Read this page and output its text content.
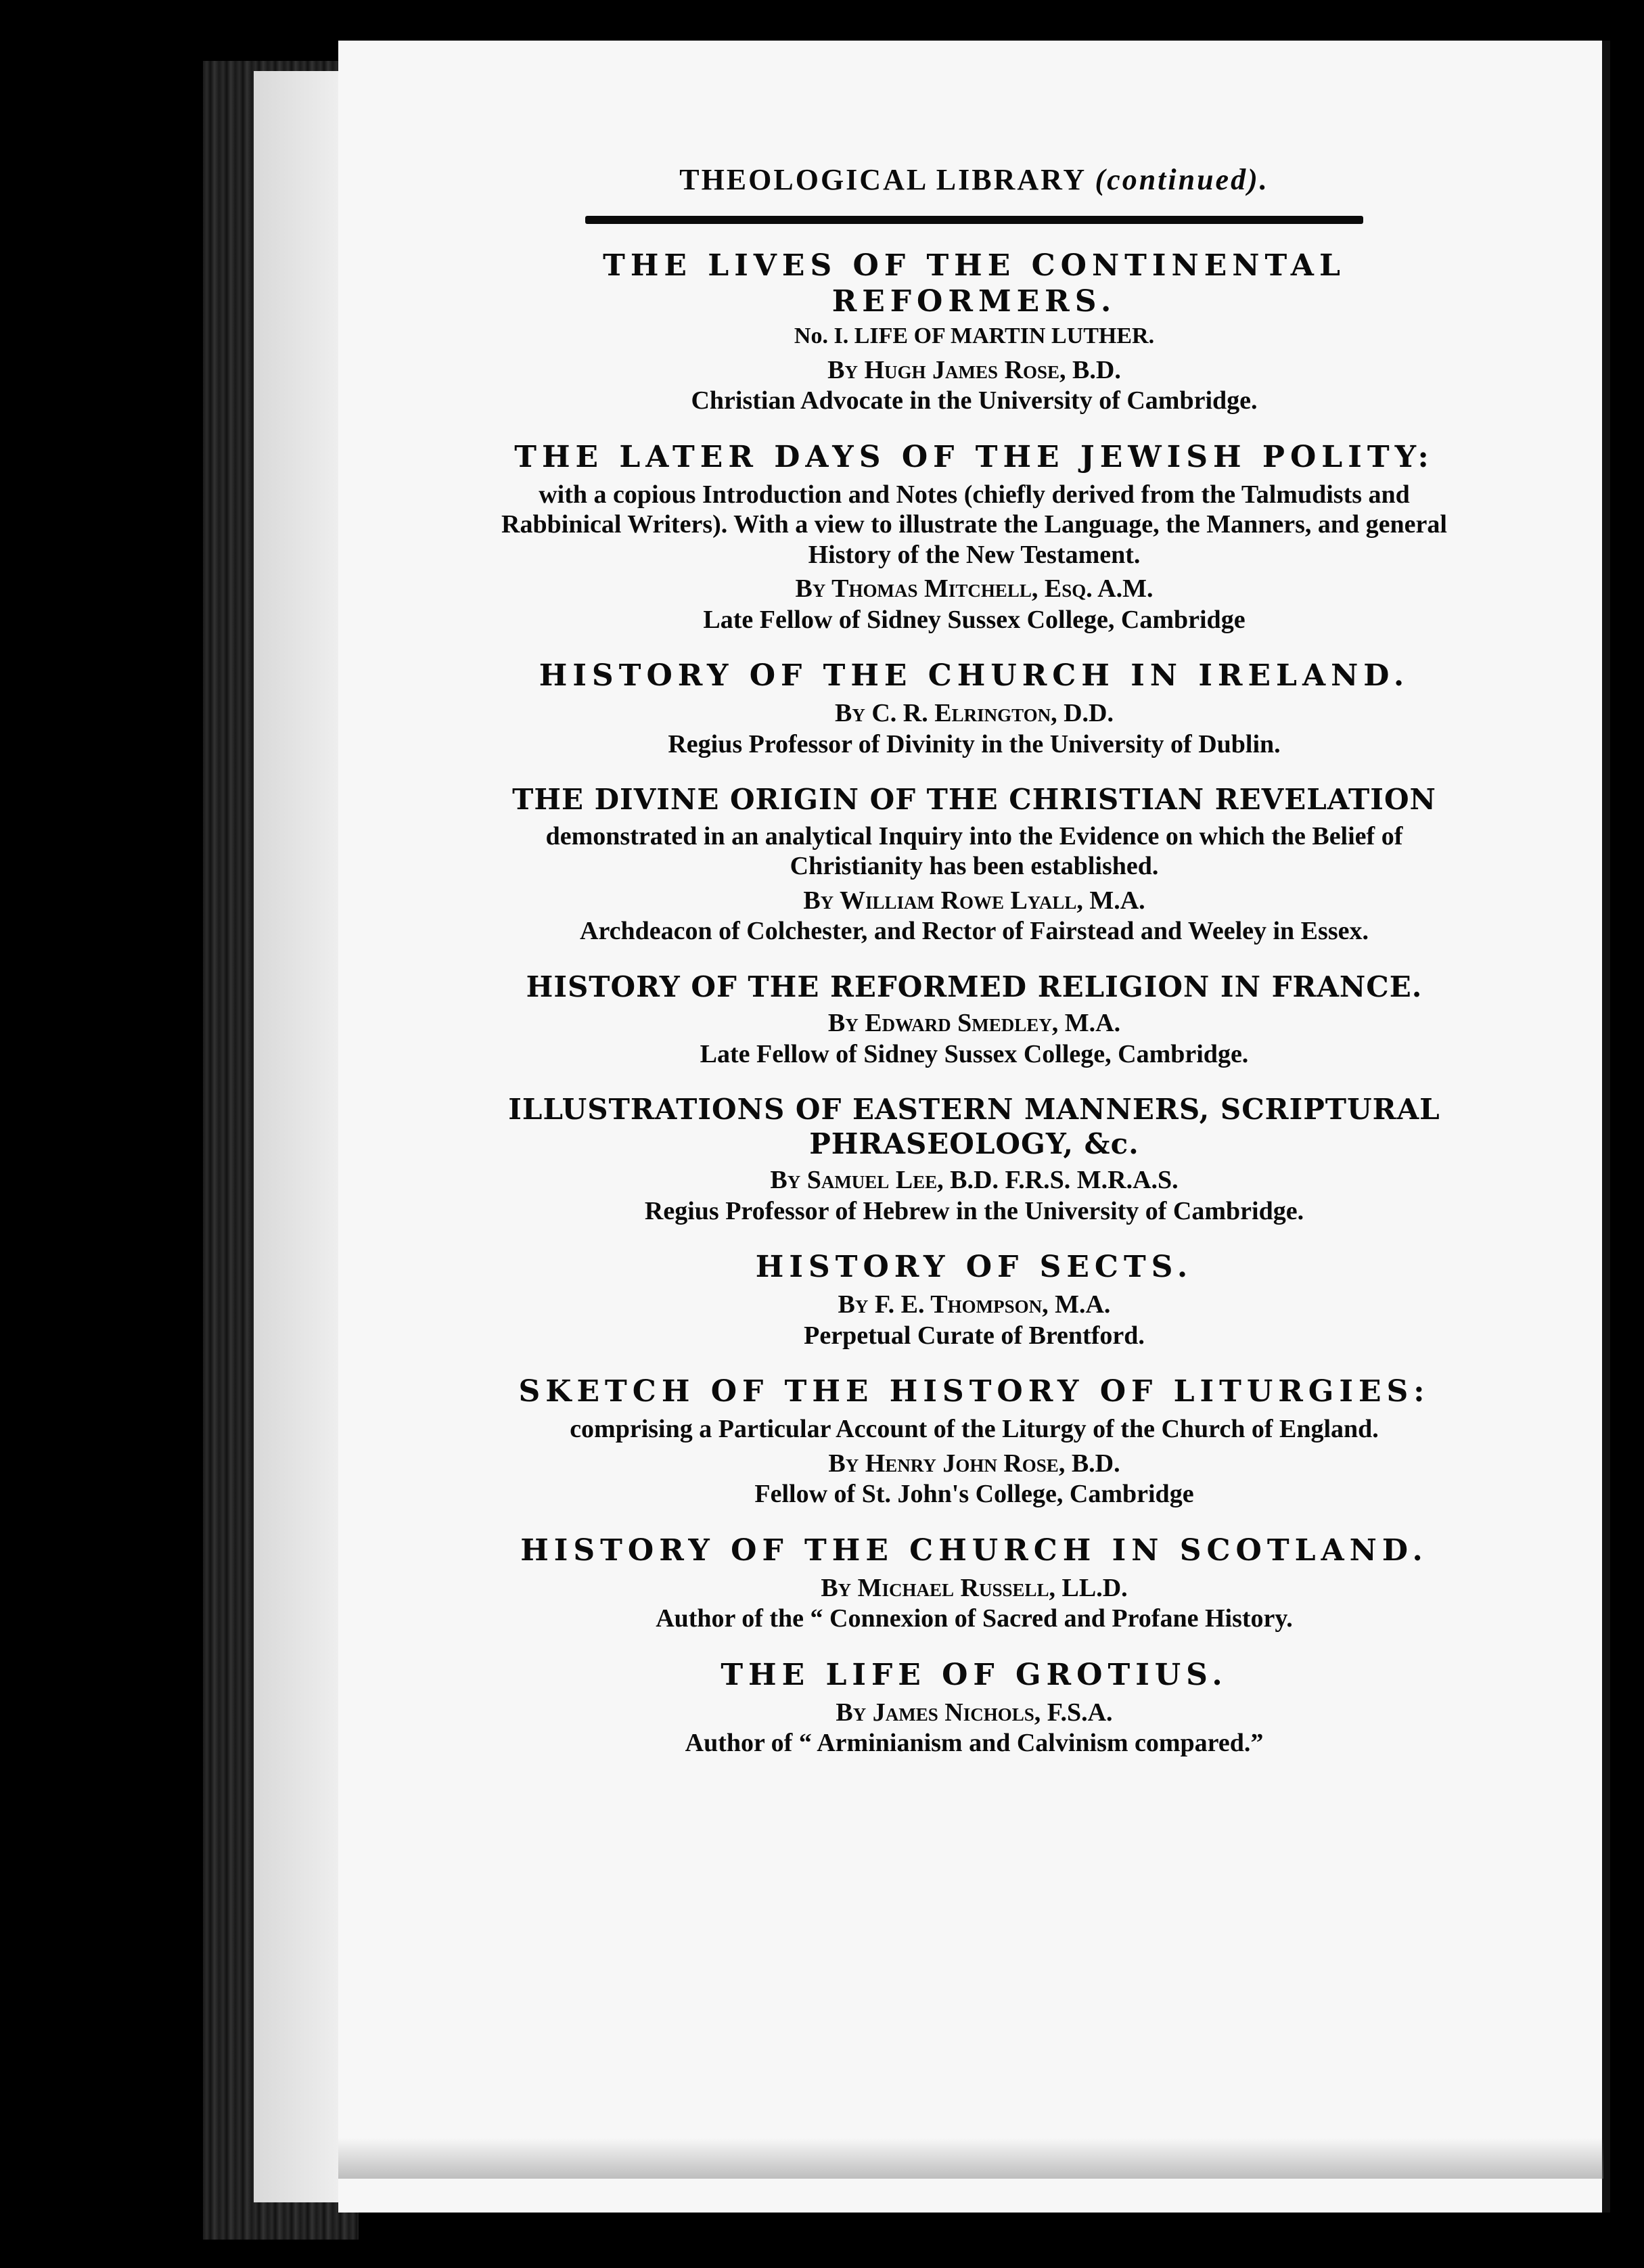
THEOLOGICAL LIBRARY (continued).

THE LIVES OF THE CONTINENTAL REFORMERS.

No. I. LIFE OF MARTIN LUTHER.

By Hugh James Rose, B.D.

Christian Advocate in the University of Cambridge.

THE LATER DAYS OF THE JEWISH POLITY:

with a copious Introduction and Notes (chiefly derived from the Talmudists and Rabbinical Writers). With a view to illustrate the Language, the Manners, and general History of the New Testament.

By Thomas Mitchell, Esq. A.M.

Late Fellow of Sidney Sussex College, Cambridge

HISTORY OF THE CHURCH IN IRELAND.

By C. R. Elrington, D.D.

Regius Professor of Divinity in the University of Dublin.

THE DIVINE ORIGIN OF THE CHRISTIAN REVELATION

demonstrated in an analytical Inquiry into the Evidence on which the Belief of Christianity has been established.

By William Rowe Lyall, M.A.

Archdeacon of Colchester, and Rector of Fairstead and Weeley in Essex.

HISTORY OF THE REFORMED RELIGION IN FRANCE.

By Edward Smedley, M.A.

Late Fellow of Sidney Sussex College, Cambridge.

ILLUSTRATIONS OF EASTERN MANNERS, SCRIPTURAL PHRASEOLOGY, &c.

By Samuel Lee, B.D. F.R.S. M.R.A.S.

Regius Professor of Hebrew in the University of Cambridge.

HISTORY OF SECTS.

By F. E. Thompson, M.A.

Perpetual Curate of Brentford.

SKETCH OF THE HISTORY OF LITURGIES:

comprising a Particular Account of the Liturgy of the Church of England.

By Henry John Rose, B.D.

Fellow of St. John's College, Cambridge

HISTORY OF THE CHURCH IN SCOTLAND.

By Michael Russell, LL.D.

Author of the “ Connexion of Sacred and Profane History.

THE LIFE OF GROTIUS.

By James Nichols, F.S.A.

Author of “ Arminianism and Calvinism compared.”
